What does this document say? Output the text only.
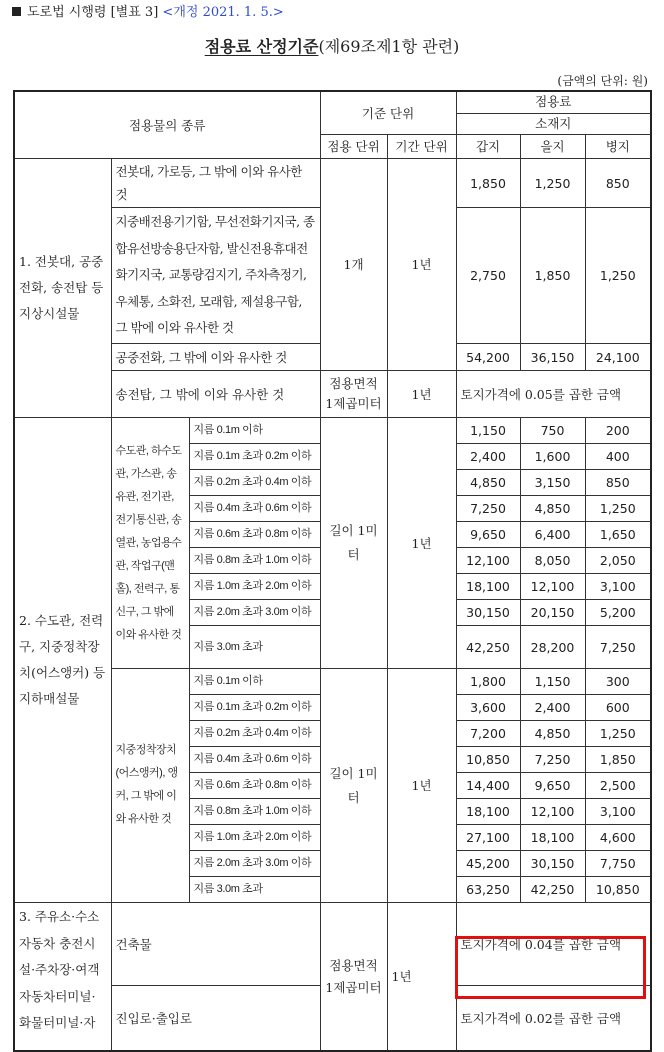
도로법 시행령 [별표 3] <개정 2021. 1. 5.>
점용료 산정기준(제69조제1항 관련)
(금액의 단위: 원)
점용물의 종류			기준 단위		점용료		
					소재지		
			점용 단위	기간 단위	갑지	을지	병지
1. 전봇대, 공중전화, 송전탑 등 지상시설물	전봇대, 가로등, 그 밖에 이와 유사한 것		1개	1년	1,850	1,250	850
	지중배전용기기함, 무선전화기지국, 종합유선방송용단자함, 발신전용휴대전화기지국, 교통량검지기, 주차측정기, 우체통, 소화전, 모래함, 제설용구함, 그 밖에 이와 유사한 것				2,750	1,850	1,250
	공중전화, 그 밖에 이와 유사한 것				54,200	36,150	24,100
	송전탑, 그 밖에 이와 유사한 것		점용면적 1제곱미터	1년	토지가격에 0.05를 곱한 금액		
2. 수도관, 전력구, 지중정착장치(어스앵커) 등 지하매설물	수도관, 하수도관, 가스관, 송유관, 전기관, 전기통신관, 송열관, 농업용수관, 작업구(맨홀), 전력구, 통신구, 그 밖에 이와 유사한 것	지름 0.1m 이하	길이 1미터	1년	1,150	750	200
		지름 0.1m 초과 0.2m 이하			2,400	1,600	400
		지름 0.2m 초과 0.4m 이하			4,850	3,150	850
		지름 0.4m 초과 0.6m 이하			7,250	4,850	1,250
		지름 0.6m 초과 0.8m 이하			9,650	6,400	1,650
		지름 0.8m 초과 1.0m 이하			12,100	8,050	2,050
		지름 1.0m 초과 2.0m 이하			18,100	12,100	3,100
		지름 2.0m 초과 3.0m 이하			30,150	20,150	5,200
		지름 3.0m 초과			42,250	28,200	7,250
	지중정착장치(어스앵커), 앵커, 그 밖에 이와 유사한 것	지름 0.1m 이하	길이 1미터	1년	1,800	1,150	300
		지름 0.1m 초과 0.2m 이하			3,600	2,400	600
		지름 0.2m 초과 0.4m 이하			7,200	4,850	1,250
		지름 0.4m 초과 0.6m 이하			10,850	7,250	1,850
		지름 0.6m 초과 0.8m 이하			14,400	9,650	2,500
		지름 0.8m 초과 1.0m 이하			18,100	12,100	3,100
		지름 1.0m 초과 2.0m 이하			27,100	18,100	4,600
		지름 2.0m 초과 3.0m 이하			45,200	30,150	7,750
		지름 3.0m 초과			63,250	42,250	10,850
3. 주유소·수소자동차 충전시설·주차장·여객자동차터미널·화물터미널·자	건축물		점용면적 1제곱미터	1년	토지가격에 0.04를 곱한 금액		
	진입로·출입로				토지가격에 0.02를 곱한 금액		
